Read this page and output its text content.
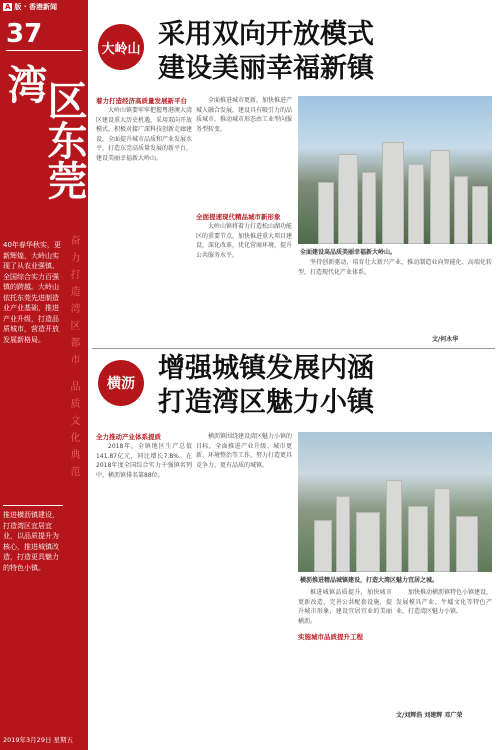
A 版 · 香港新闻
37
湾
区东莞
奋力打造湾区都市 品质文化典范
40年春华秋实，更新辉煌，大岭山实现了从农业强镇、全国综合实力百强镇的跨越。大岭山依托东莞先进制造业产业基础，推进产业升级，打造品质城市，营造开放发展新格局。
推进横沥镇建设，打造湾区宜居宜业，以品质提升为核心，推进城镇改造，打造更具魅力的特色小镇。
2019年3月29日 星期五
大岭山 采用双向开放模式
建设美丽幸福新镇
着力打造经济高质量发展新平台
大岭山镇要牢牢把握粤港澳大湾区建设重大历史机遇，采用双向开放模式，积极对接广深科技创新走廊建设，全面提升城市品质和产业发展水平，打造东莞高质量发展的新平台，建设美丽幸福新大岭山。
全面推进城市更新，加快推进产城人融合发展，建设具有吸引力的品质城市，推动城市形态由工业型向服务型转变。
全面提速现代精品城市新形象
大岭山镇将着力打造松山湖功能区的重要节点，加快推进重大项目建设，深化改革，优化营商环境，提升公共服务水平。	全面建设高品质美丽幸福新大岭山。
坚持创新驱动，培育壮大新兴产业，推动制造业向智能化、高端化转型，打造现代化产业体系。
文/何永华
横沥 增强城镇发展内涵
打造湾区魅力小镇
全力推动产业体系提质
2018年，全镇地区生产总值141.87亿元，同比增长7.8%。在2018年度全国综合实力千强镇名列中，横沥镇排名第88位。
横沥镇围绕建设湾区魅力小镇的目标，全面推进产业升级、城市更新、环境整治等工作，努力打造更具竞争力、更有品质的城镇。
横沥推进精品城镇建设，打造大湾区魅力宜居之城。
推进城镇品质提升，加快城市更新改造，完善公共配套设施，提升城市形象，建设宜居宜业的美丽横沥。
实施城市品质提升工程
加快推动横沥镇特色小镇建设，发展模具产业、牛墟文化等特色产业，打造湾区魅力小镇。
文/刘辉浩 刘建辉 邓广荣
